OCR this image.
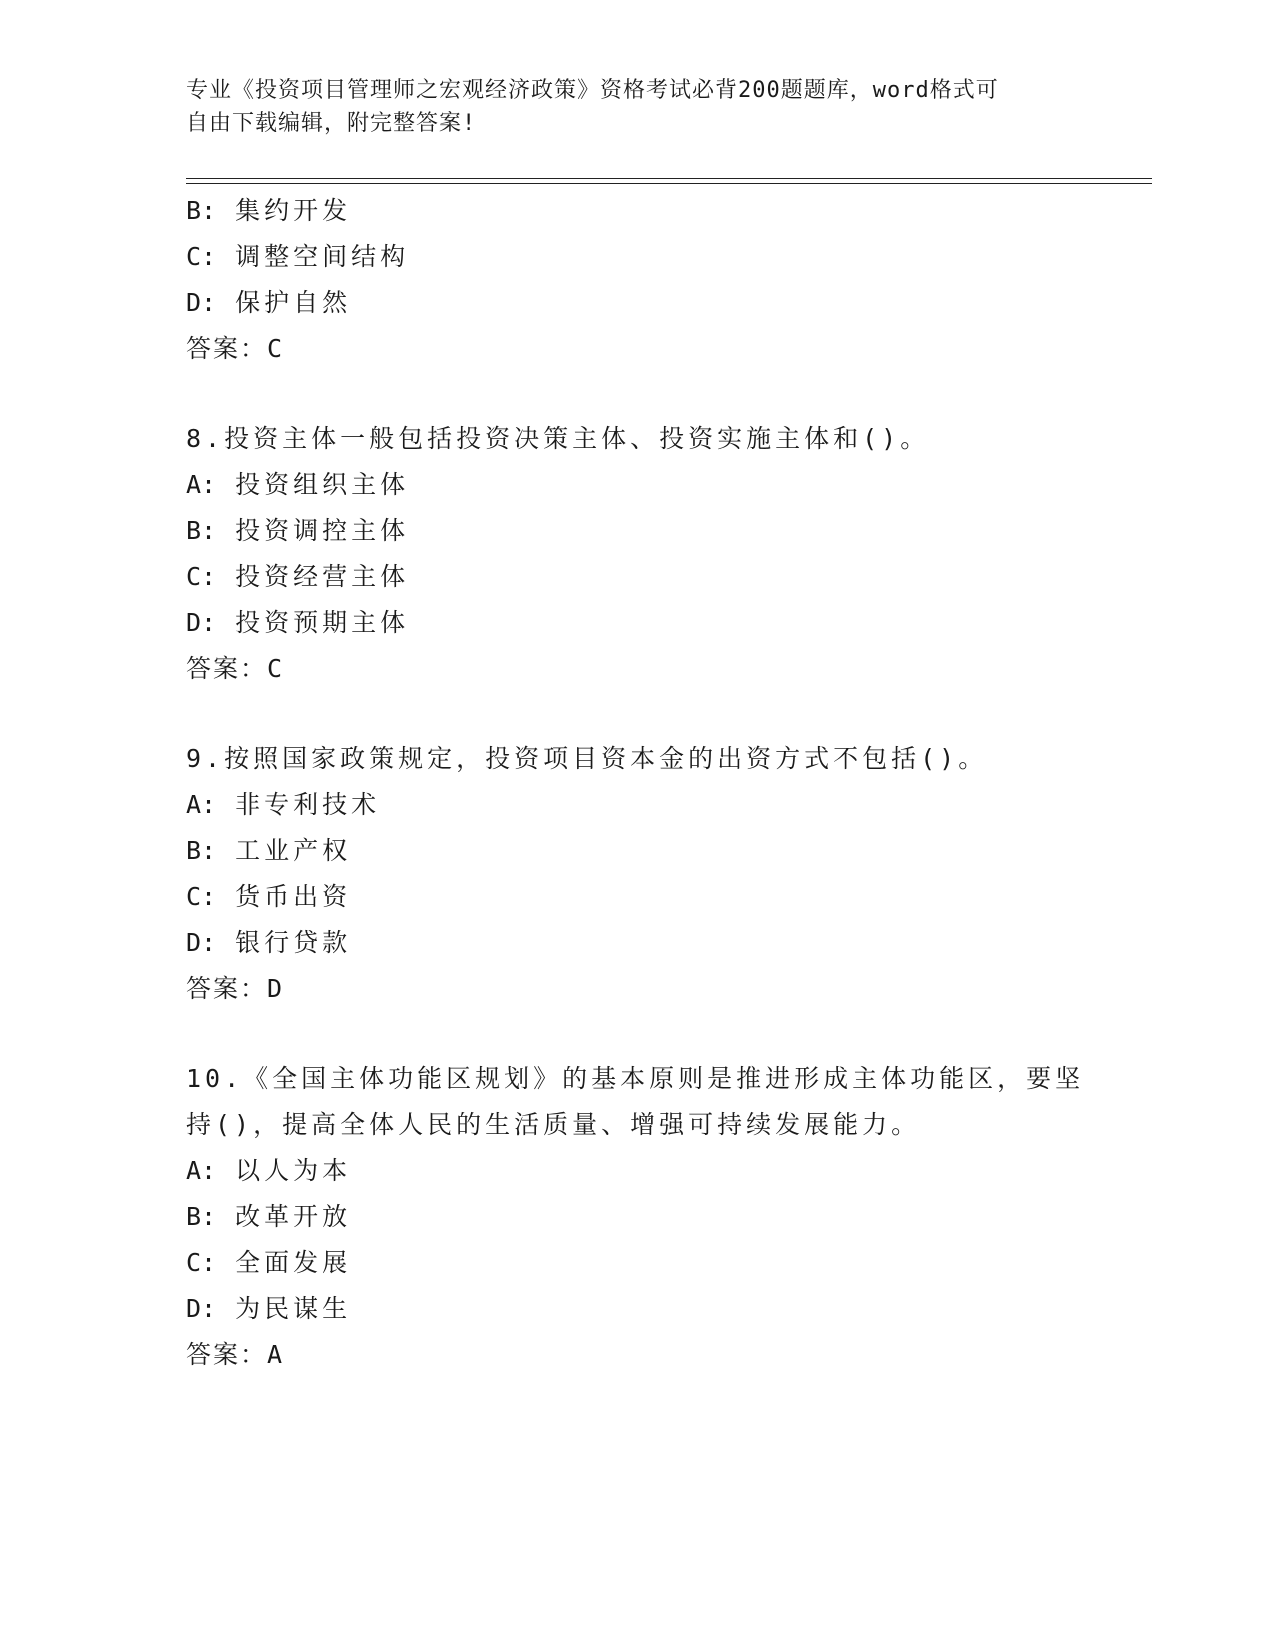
专业《投资项目管理师之宏观经济政策》资格考试必背200题题库，word格式可
自由下载编辑，附完整答案!
B: 集约开发
C: 调整空间结构
D: 保护自然
答案：C
8.投资主体一般包括投资决策主体、投资实施主体和()。
A: 投资组织主体
B: 投资调控主体
C: 投资经营主体
D: 投资预期主体
答案：C
9.按照国家政策规定，投资项目资本金的出资方式不包括()。
A: 非专利技术
B: 工业产权
C: 货币出资
D: 银行贷款
答案：D
10.《全国主体功能区规划》的基本原则是推进形成主体功能区，要坚持()，提高全体人民的生活质量、增强可持续发展能力。
A: 以人为本
B: 改革开放
C: 全面发展
D: 为民谋生
答案：A
